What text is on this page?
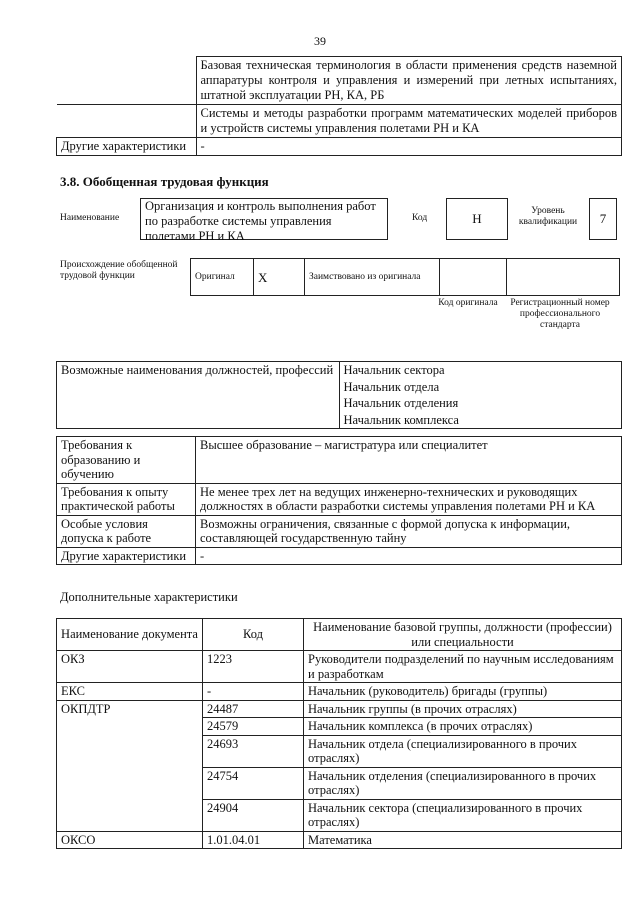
39
	Базовая техническая терминология в области применения средств наземной аппаратуры контроля и управления и измерений при летных испытаниях, штатной эксплуатации РН, КА, РБ
	Системы и методы разработки программ математических моделей приборов и устройств системы управления полетами РН и КА
Другие характеристики	-
3.8. Обобщенная трудовая функция
Наименование
Организация и контроль выполнения работ по разработке системы управления полетами РН и КА
Код	H	Уровень квалификации	7
Происхождение обобщенной трудовой функции	Оригинал	X	Заимствовано из оригинала		
Код оригинала	Регистрационный номер профессионального стандарта
Возможные наименования должностей, профессий	Начальник сектора
Начальник отдела
Начальник отделения
Начальник комплекса
Требования к образованию и обучению	Высшее образование – магистратура или специалитет
Требования к опыту практической работы	Не менее трех лет на ведущих инженерно-технических и руководящих должностях в области разработки системы управления полетами РН и КА
Особые условия допуска к работе	Возможны ограничения, связанные с формой допуска к информации, составляющей государственную тайну
Другие характеристики	-
Дополнительные характеристики
Наименование документа	Код	Наименование базовой группы, должности (профессии) или специальности
ОКЗ	1223	Руководители подразделений по научным исследованиям и разработкам
ЕКС	-	Начальник (руководитель) бригады (группы)
ОКПДТР	24487	Начальник группы (в прочих отраслях)
	24579	Начальник комплекса (в прочих отраслях)
	24693	Начальник отдела (специализированного в прочих отраслях)
	24754	Начальник отделения (специализированного в прочих отраслях)
	24904	Начальник сектора (специализированного в прочих отраслях)
ОКСО	1.01.04.01	Математика
